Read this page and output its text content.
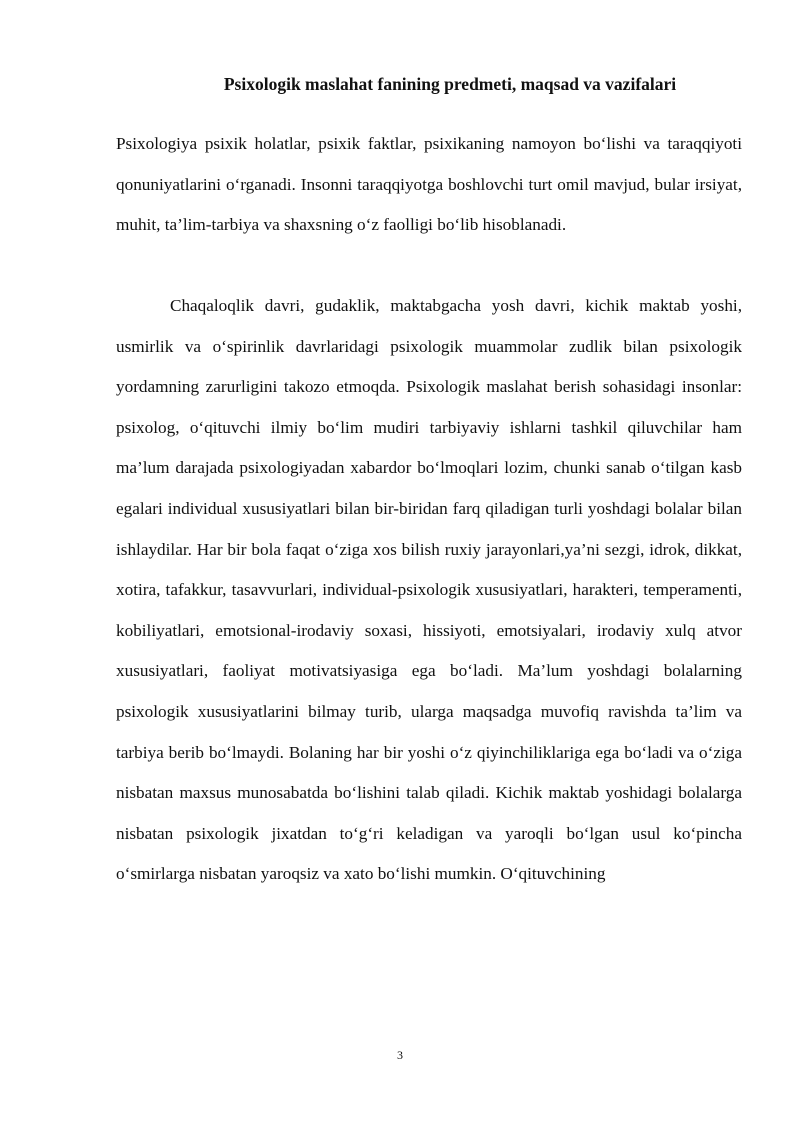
Psixologik maslahat fanining predmeti, maqsad va vazifalari

Psixologiya psixik holatlar, psixik faktlar, psixikaning namoyon bo‘lishi va taraqqiyoti qonuniyatlarini o‘rganadi. Insonni taraqqiyotga boshlovchi turt omil mavjud, bular irsiyat, muhit, ta’lim-tarbiya va shaxsning o‘z faolligi bo‘lib hisoblanadi.

Chaqaloqlik davri, gudaklik, maktabgacha yosh davri, kichik maktab yoshi, usmirlik va o‘spirinlik davrlaridagi psixologik muammolar zudlik bilan psixologik yordamning zarurligini takozo etmoqda. Psixologik maslahat berish sohasidagi insonlar: psixolog, o‘qituvchi ilmiy bo‘lim mudiri tarbiyaviy ishlarni tashkil qiluvchilar ham ma’lum darajada psixologiyadan xabardor bo‘lmoqlari lozim, chunki sanab o‘tilgan kasb egalari individual xususiyatlari bilan bir-biridan farq qiladigan turli yoshdagi bolalar bilan ishlaydilar. Har bir bola faqat o‘ziga xos bilish ruxiy jarayonlari,ya’ni sezgi, idrok, dikkat, xotira, tafakkur, tasavvurlari, individual-psixologik xususiyatlari, harakteri, temperamenti, kobiliyatlari, emotsional-irodaviy soxasi, hissiyoti, emotsiyalari, irodaviy xulq atvor xususiyatlari, faoliyat motivatsiyasiga ega bo‘ladi. Ma’lum yoshdagi bolalarning psixologik xususiyatlarini bilmay turib, ularga maqsadga muvofiq ravishda ta’lim va tarbiya berib bo‘lmaydi. Bolaning har bir yoshi o‘z qiyinchiliklariga ega bo‘ladi va o‘ziga nisbatan maxsus munosabatda bo‘lishini talab qiladi. Kichik maktab yoshidagi bolalarga nisbatan psixologik jixatdan to‘g‘ri keladigan va yaroqli bo‘lgan usul ko‘pincha o‘smirlarga nisbatan yaroqsiz va xato bo‘lishi mumkin. O‘qituvchining

3
